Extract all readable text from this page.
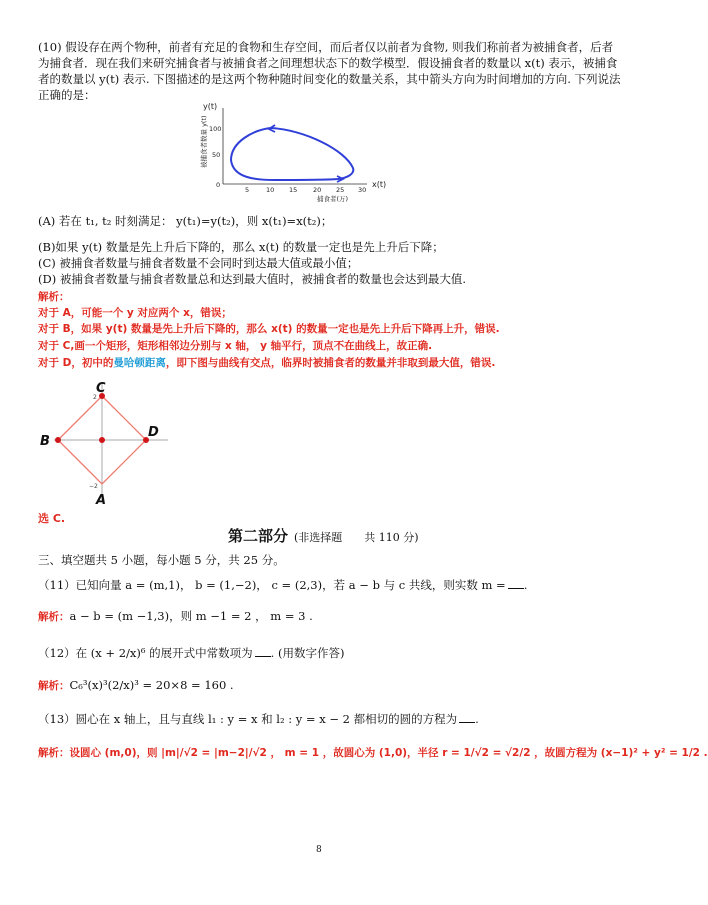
(10) 假设存在两个物种，前者有充足的食物和生存空间，而后者仅以前者为食物, 则我们称前者为被捕食者，后者
为捕食者．现在我们来研究捕食者与被捕食者之间理想状态下的数学模型．假设捕食者的数量以 x(t) 表示，被捕食
者的数量以 y(t) 表示. 下图描述的是这两个物种随时间变化的数量关系，其中箭头方向为时间增加的方向. 下列说法
正确的是：
y(t)
被捕食者数量 y(t) 100
50
0
5	10 15 20 25 30
x(t)
捕食者(万)
(A) 若在 t₁, t₂ 时刻满足： y(t₁)=y(t₂)，则 x(t₁)=x(t₂)；
(B)如果 y(t) 数量是先上升后下降的，那么 x(t) 的数量一定也是先上升后下降；
(C) 被捕食者数量与捕食者数量不会同时到达最大值或最小值；
(D) 被捕食者数量与捕食者数量总和达到最大值时，被捕食者的数量也会达到最大值.
解析：
对于 A，可能一个 y 对应两个 x，错误；
对于 B，如果 y(t) 数量是先上升后下降的，那么 x(t) 的数量一定也是先上升后下降再上升，错误.
对于 C,画一个矩形，矩形相邻边分别与 x 轴， y 轴平行，顶点不在曲线上，故正确.
对于 D，初中的曼哈顿距离，即下图与曲线有交点，临界时被捕食者的数量并非取到最大值，错误.
C
2
B
D
−2
A
选 C.
第二部分 (非选择题　　共 110 分)
三、填空题共 5 小题，每小题 5 分，共 25 分。
（11）已知向量 a = (m,1)， b = (1,−2)， c = (2,3)，若 a − b 与 c 共线，则实数 m = .
解析：a − b = (m −1,3)，则 m −1 = 2 ， m = 3 .
（12）在 (x + 2/x)⁶ 的展开式中常数项为 . (用数字作答)
解析：C₆³(x)³(2/x)³ = 20×8 = 160 .
（13）圆心在 x 轴上，且与直线 l₁ : y = x 和 l₂ : y = x − 2 都相切的圆的方程为 .
解析：设圆心 (m,0)，则 |m|/√2 = |m−2|/√2 ， m = 1 ，故圆心为 (1,0)，半径 r = 1/√2 = √2/2 ，故圆方程为 (x−1)² + y² = 1/2 .
8
